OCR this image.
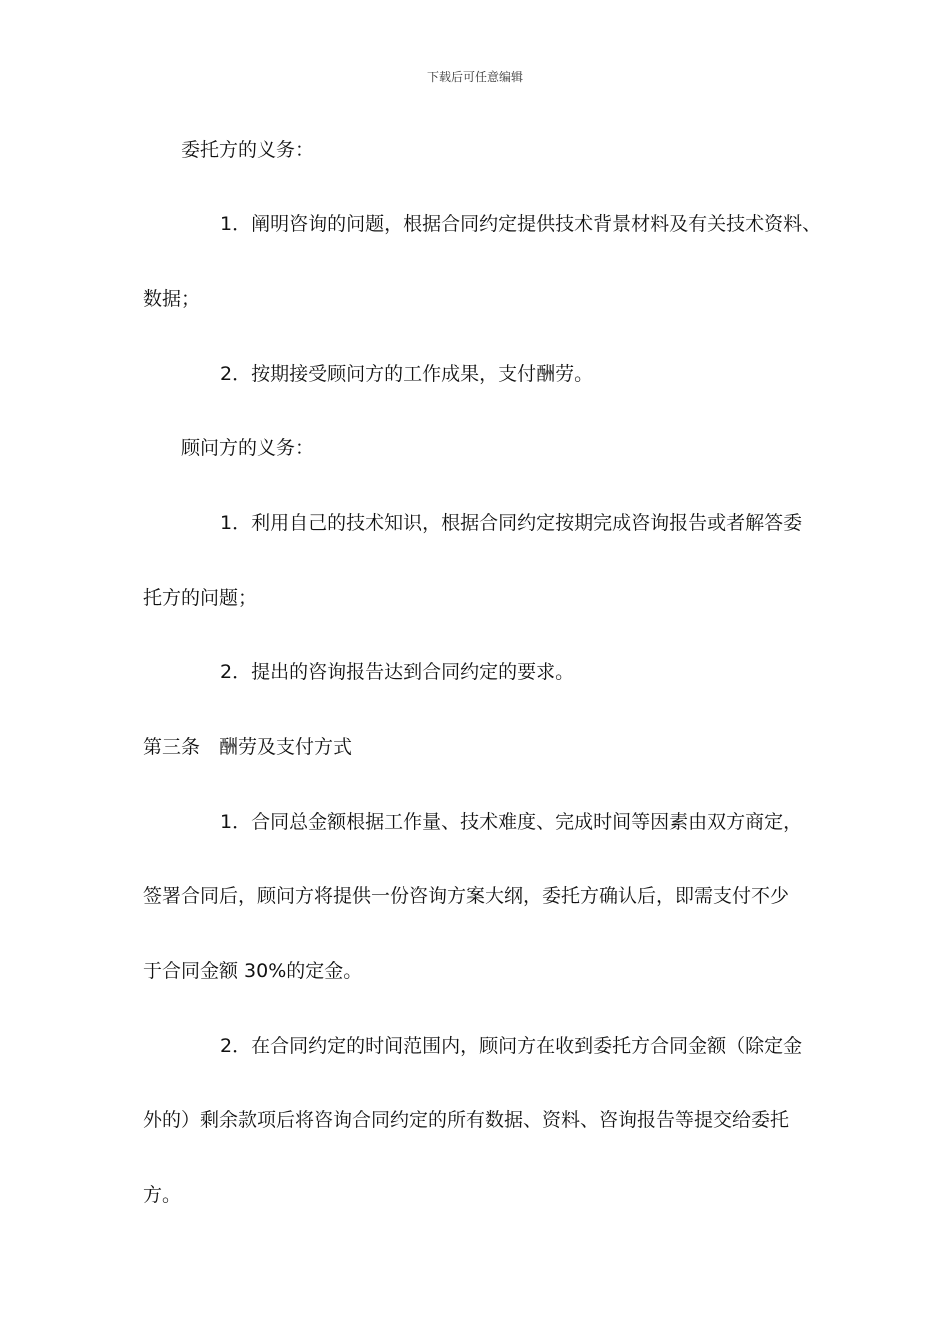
下载后可任意编辑
委托方的义务：
1．阐明咨询的问题，根据合同约定提供技术背景材料及有关技术资料、
数据；
2．按期接受顾问方的工作成果，支付酬劳。
顾问方的义务：
1．利用自己的技术知识，根据合同约定按期完成咨询报告或者解答委
托方的问题；
2．提出的咨询报告达到合同约定的要求。
第三条　酬劳及支付方式
1．合同总金额根据工作量、技术难度、完成时间等因素由双方商定，
签署合同后，顾问方将提供一份咨询方案大纲，委托方确认后，即需支付不少
于合同金额 30%的定金。
2．在合同约定的时间范围内，顾问方在收到委托方合同金额（除定金
外的）剩余款项后将咨询合同约定的所有数据、资料、咨询报告等提交给委托
方。
